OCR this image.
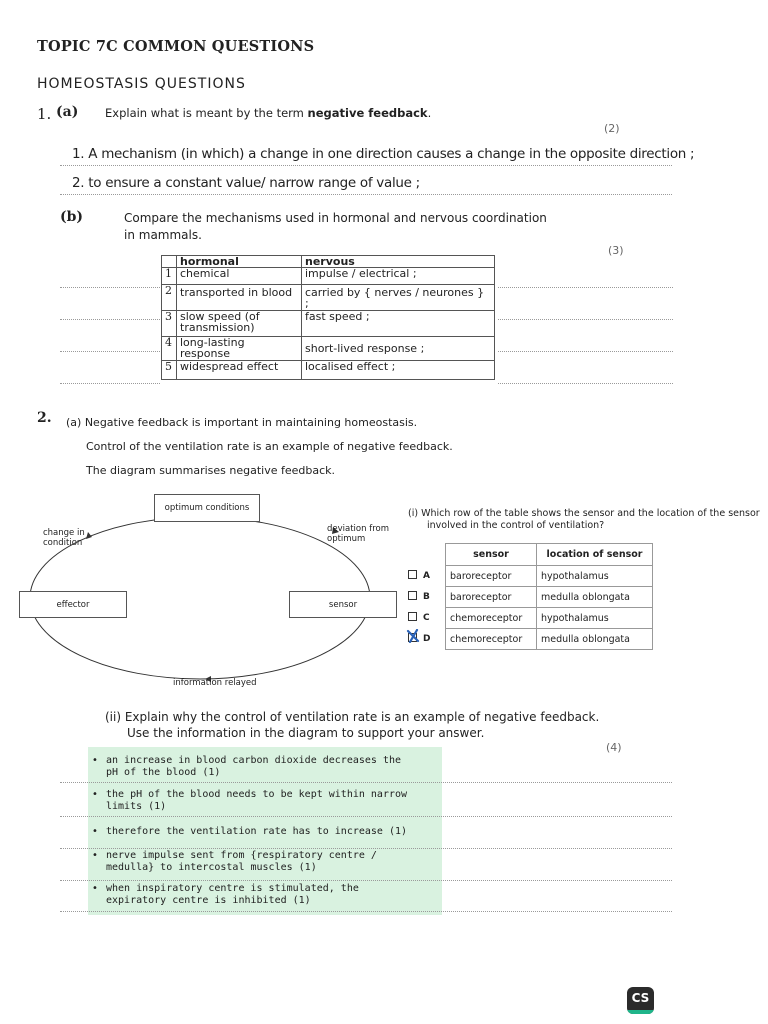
TOPIC 7C COMMON QUESTIONS
HOMEOSTASIS QUESTIONS
1. (a) Explain what is meant by the term negative feedback.
(2)
1. A mechanism (in which) a change in one direction causes a change in the opposite direction ;
2. to ensure a constant value/ narrow range of value ;
(b)	Compare the mechanisms used in hormonal and nervous coordination
in mammals.
(3)
	hormonal	nervous
1	chemical	impulse / electrical ;
2	transported in blood	carried by { nerves / neurones } ;
3	slow speed (of transmission)	fast speed ;
4	long-lasting response	short-lived response ;
5	widespread effect	localised effect ;
2. (a) Negative feedback is important in maintaining homeostasis.
Control of the ventilation rate is an example of negative feedback.
The diagram summarises negative feedback.
optimum conditions
effector	sensor
change in
condition
deviation from
optimum
information relayed
(i) Which row of the table shows the sensor and the location of the sensor
involved in the control of ventilation?
sensor	location of sensor
baroreceptor	hypothalamus
baroreceptor	medulla oblongata
chemoreceptor	hypothalamus
chemoreceptor	medulla oblongata
A
B
C
D
(ii) Explain why the control of ventilation rate is an example of negative feedback.
Use the information in the diagram to support your answer.
(4)
• an increase in blood carbon dioxide decreases the
pH of the blood (1)
• the pH of the blood needs to be kept within narrow
limits (1)
• therefore the ventilation rate has to increase (1)
• nerve impulse sent from {respiratory centre /
medulla} to intercostal muscles (1)
• when inspiratory centre is stimulated, the
expiratory centre is inhibited (1)
CS
